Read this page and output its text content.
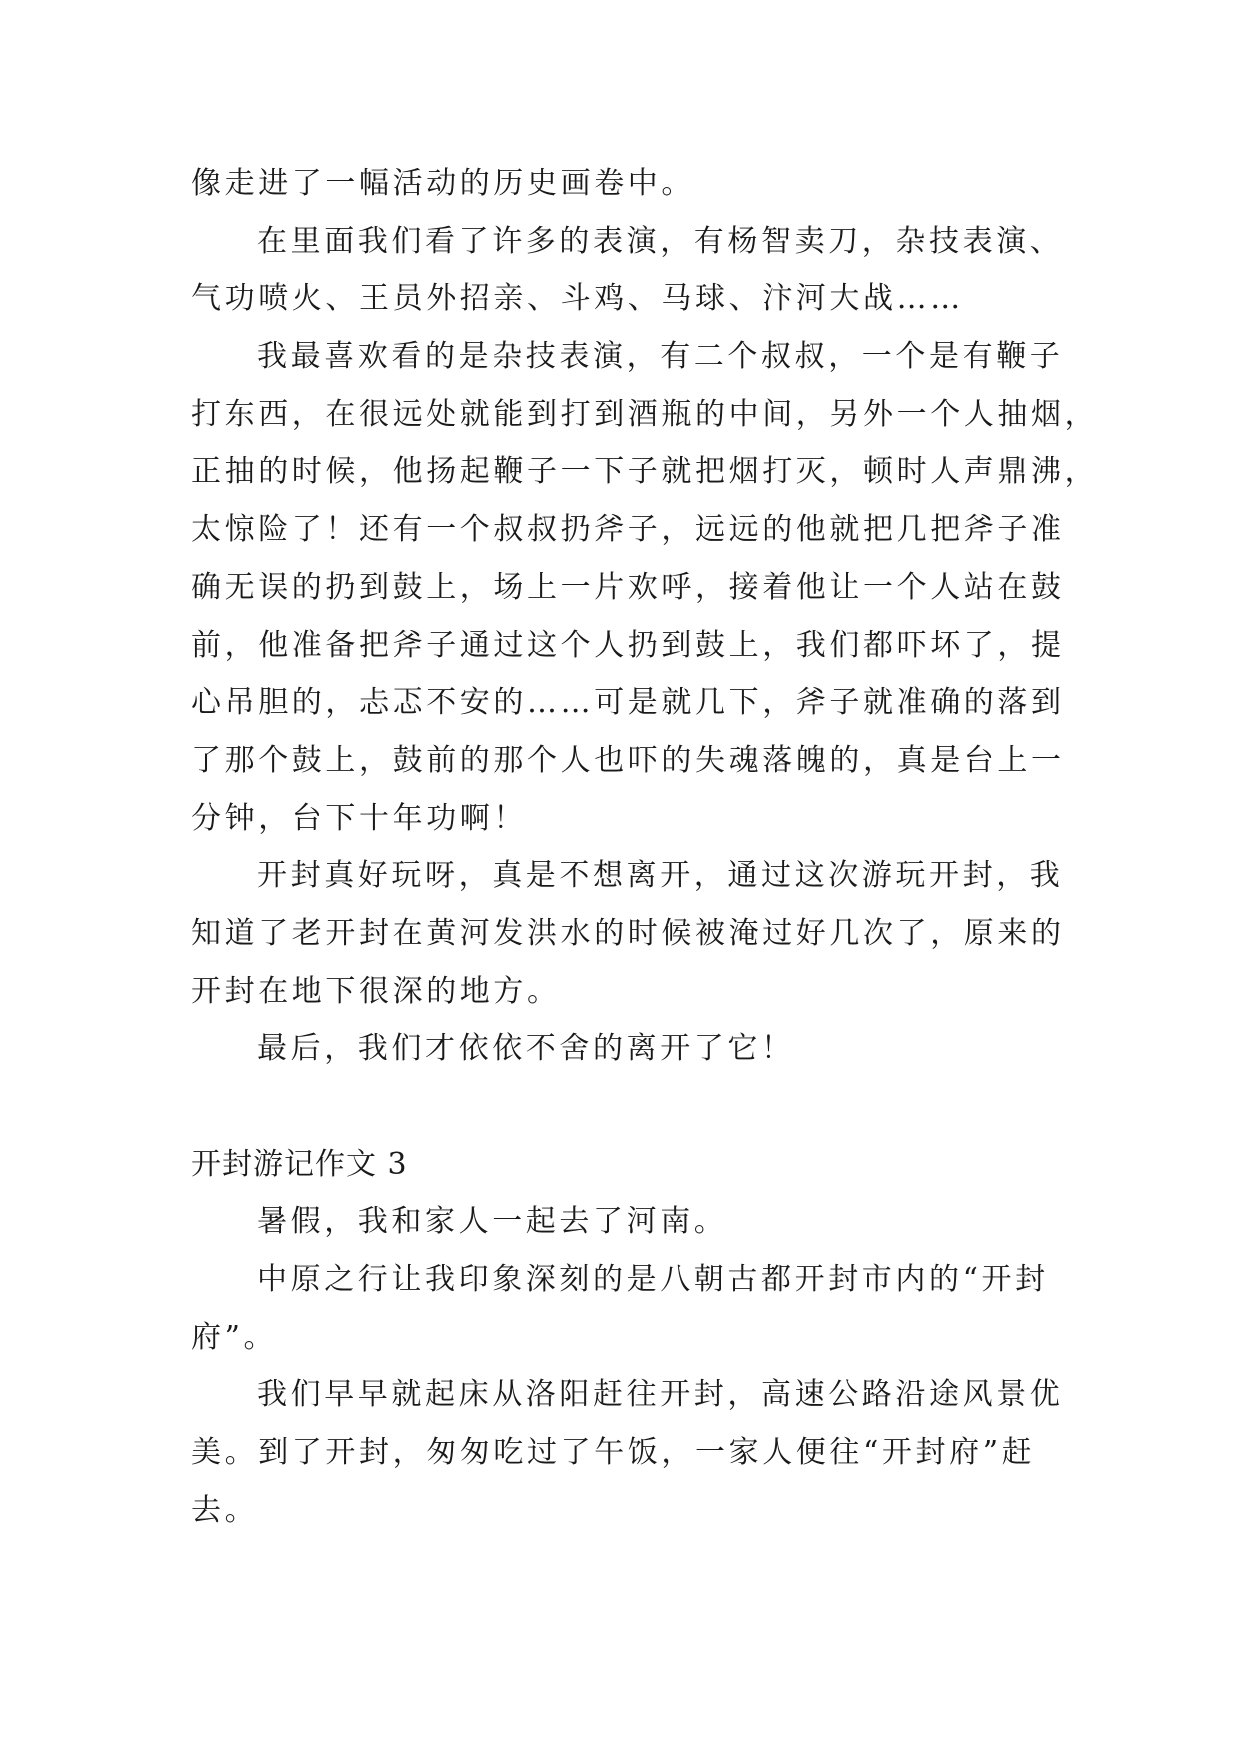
像走进了一幅活动的历史画卷中。
在里面我们看了许多的表演，有杨智卖刀，杂技表演、
气功喷火、王员外招亲、斗鸡、马球、汴河大战……
我最喜欢看的是杂技表演，有二个叔叔，一个是有鞭子
打东西，在很远处就能到打到酒瓶的中间，另外一个人抽烟，
正抽的时候，他扬起鞭子一下子就把烟打灭，顿时人声鼎沸，
太惊险了！还有一个叔叔扔斧子，远远的他就把几把斧子准
确无误的扔到鼓上，场上一片欢呼，接着他让一个人站在鼓
前，他准备把斧子通过这个人扔到鼓上，我们都吓坏了，提
心吊胆的，忐忑不安的……可是就几下，斧子就准确的落到
了那个鼓上，鼓前的那个人也吓的失魂落魄的，真是台上一
分钟，台下十年功啊！
开封真好玩呀，真是不想离开，通过这次游玩开封，我
知道了老开封在黄河发洪水的时候被淹过好几次了，原来的
开封在地下很深的地方。
最后，我们才依依不舍的离开了它！
开封游记作文 3
暑假，我和家人一起去了河南。
中原之行让我印象深刻的是八朝古都开封市内的“开封
府”。
我们早早就起床从洛阳赶往开封，高速公路沿途风景优
美。到了开封，匆匆吃过了午饭，一家人便往“开封府”赶
去。
